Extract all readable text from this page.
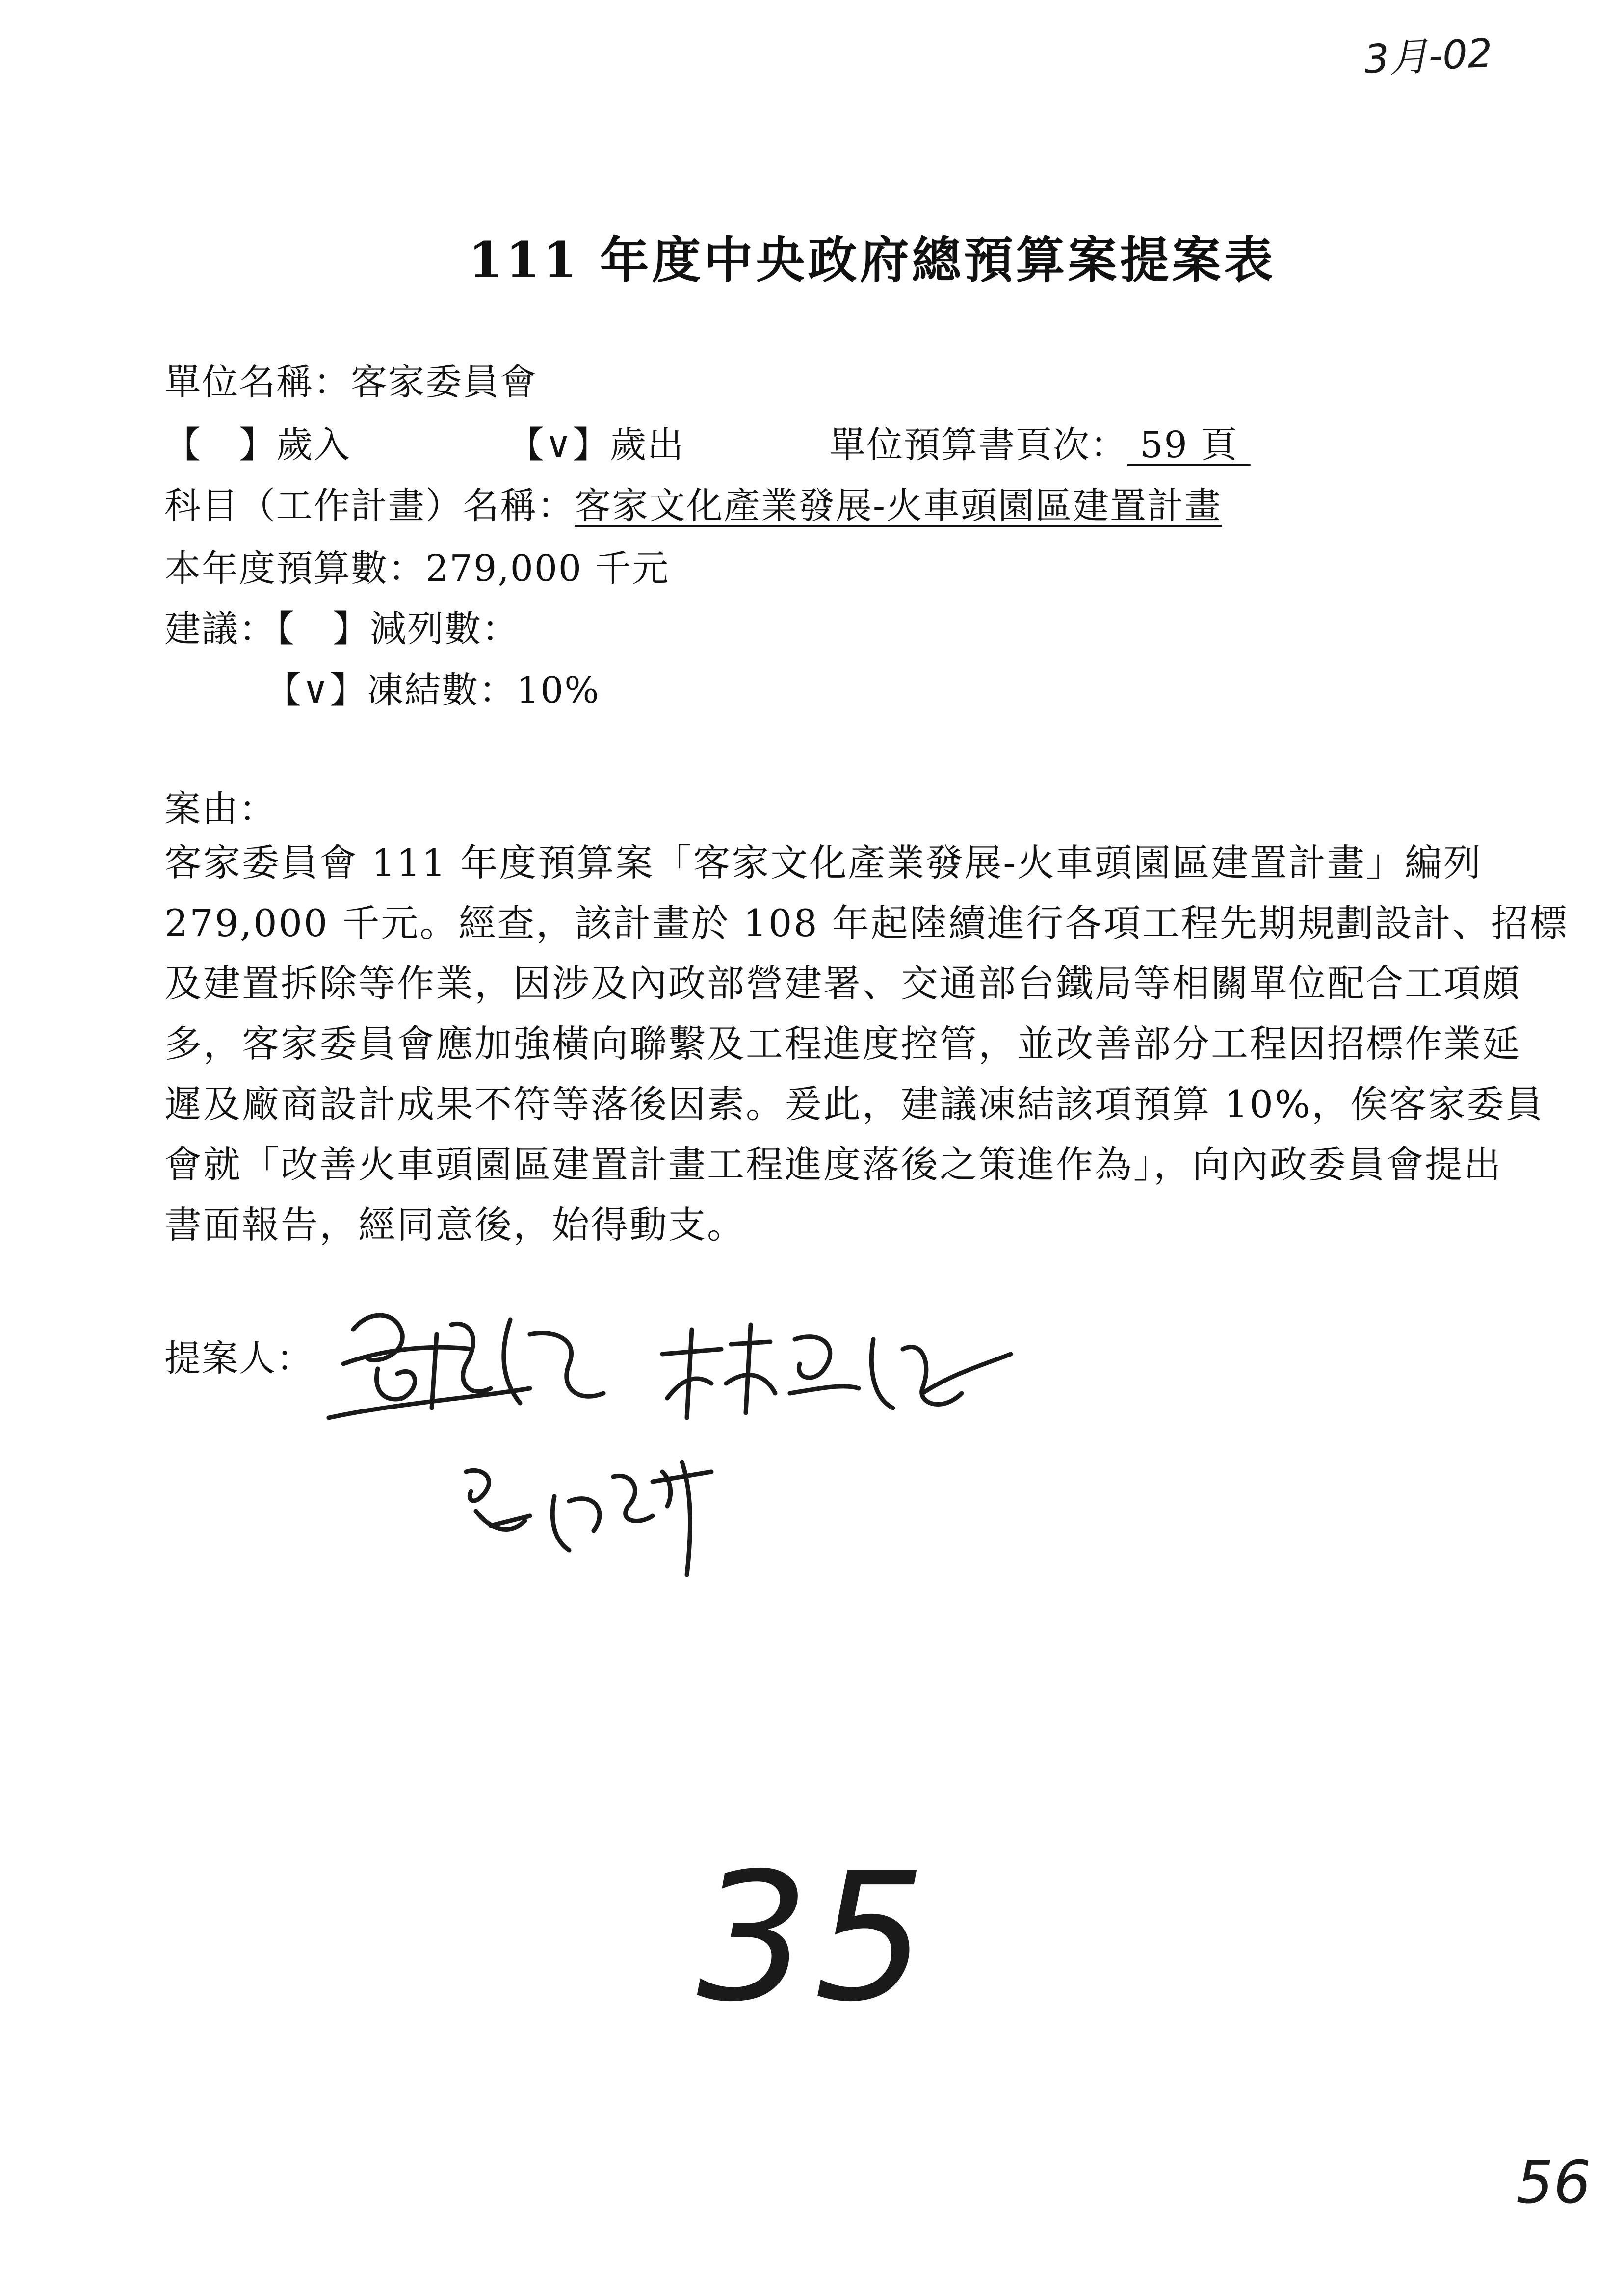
3月-02
111 年度中央政府總預算案提案表
單位名稱：客家委員會
【　】歲入	【∨】歲出	單位預算書頁次： 59 頁
科目（工作計畫）名稱：客家文化產業發展-火車頭園區建置計畫
本年度預算數：279,000 千元
建議：【　】減列數：
【∨】凍結數：10%
案由：
客家委員會 111 年度預算案「客家文化產業發展-火車頭園區建置計畫」編列
279,000 千元。經查，該計畫於 108 年起陸續進行各項工程先期規劃設計、招標
及建置拆除等作業，因涉及內政部營建署、交通部台鐵局等相關單位配合工項頗
多，客家委員會應加強橫向聯繫及工程進度控管，並改善部分工程因招標作業延
遲及廠商設計成果不符等落後因素。爰此，建議凍結該項預算 10%，俟客家委員
會就「改善火車頭園區建置計畫工程進度落後之策進作為」，向內政委員會提出
書面報告，經同意後，始得動支。
提案人：
35
56
